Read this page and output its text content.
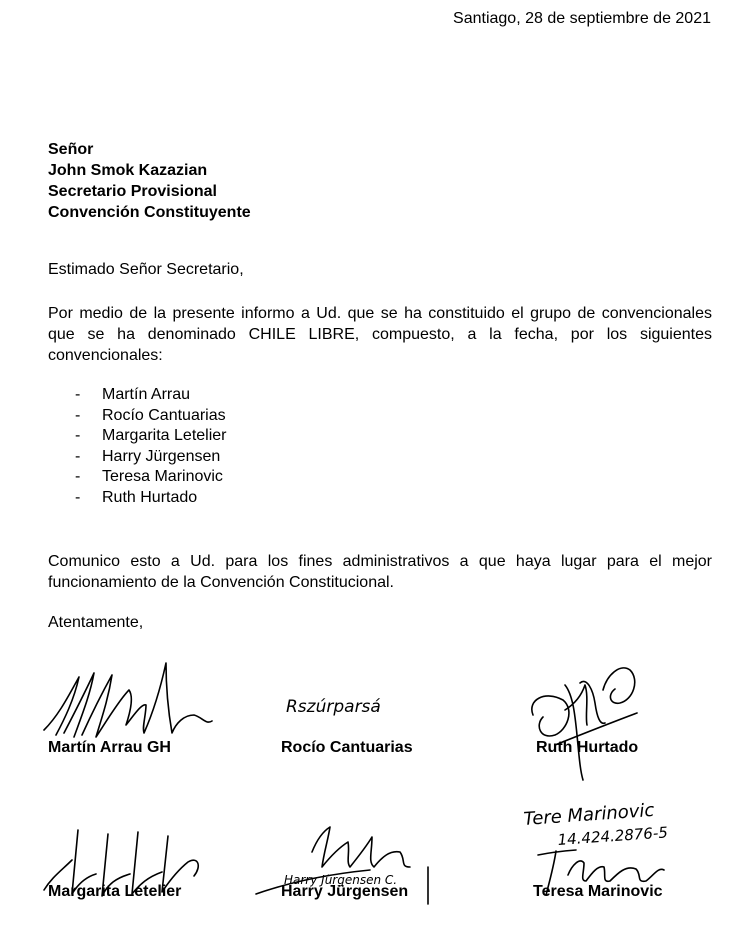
Santiago, 28 de septiembre de 2021
Señor
John Smok Kazazian
Secretario Provisional
Convención Constituyente
Estimado Señor Secretario,
Por medio de la presente informo a Ud. que se ha constituido el grupo de convencionales que se ha denominado CHILE LIBRE, compuesto, a la fecha, por los siguientes convencionales:
- Martín Arrau
- Rocío Cantuarias
- Margarita Letelier
- Harry Jürgensen
- Teresa Marinovic
- Ruth Hurtado
Comunico esto a Ud. para los fines administrativos a que haya lugar para el mejor funcionamiento de la Convención Constitucional.
Atentamente,
Martín Arrau GH
Rszúrparsá
Rocío Cantuarias	Ruth Hurtado
Margarita Letelier
Harry Jürgensen C.
Harry Jürgensen
Tere Marinovic
14.424.2876-5
Teresa Marinovic
